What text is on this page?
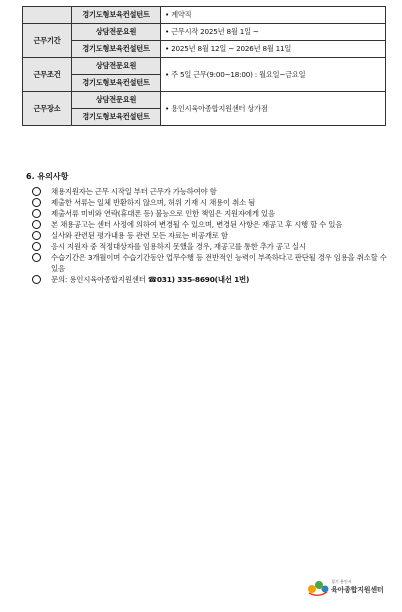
	경기도형보육컨설턴트	• 계약직
근무기간	상담전문요원	• 근무시작 2025년 8월 1일 ~
	경기도형보육컨설턴트	• 2025년 8월 12일 ~ 2026년 8월 11일
근무조건	상담전문요원	• 주 5일 근무(9:00~18:00) : 월요일~금요일
	경기도형보육컨설턴트	
근무장소	상담전문요원	• 용인시육아종합지원센터 상가점
	경기도형보육컨설턴트	
6. 유의사항
채용지원자는 근무 시작일 부터 근무가 가능하여야 함
제출한 서류는 일체 반환하지 않으며, 허위 기재 시 채용이 취소 됨
제출서류 미비와 연락(휴대폰 등) 불능으로 인한 책임은 지원자에게 있음
본 채용공고는 센터 사정에 의하여 변경될 수 있으며, 변경된 사항은 재공고 후 시행 할 수 있음
실사와 관련된 평가내용 등 관련 모든 자료는 비공개로 함
응시 지원자 중 적정대상자를 임용하지 못했을 경우, 재공고를 통한 추가 공고 실시
수습기간은 3개월이며 수습기간동안 업무수행 등 전반적인 능력이 부족하다고 판단될 경우 임용을 취소할 수 있음
문의: 용인시육아종합지원센터 ☎031) 335-8690(내선 1번)
경기 용인시
육아종합지원센터
